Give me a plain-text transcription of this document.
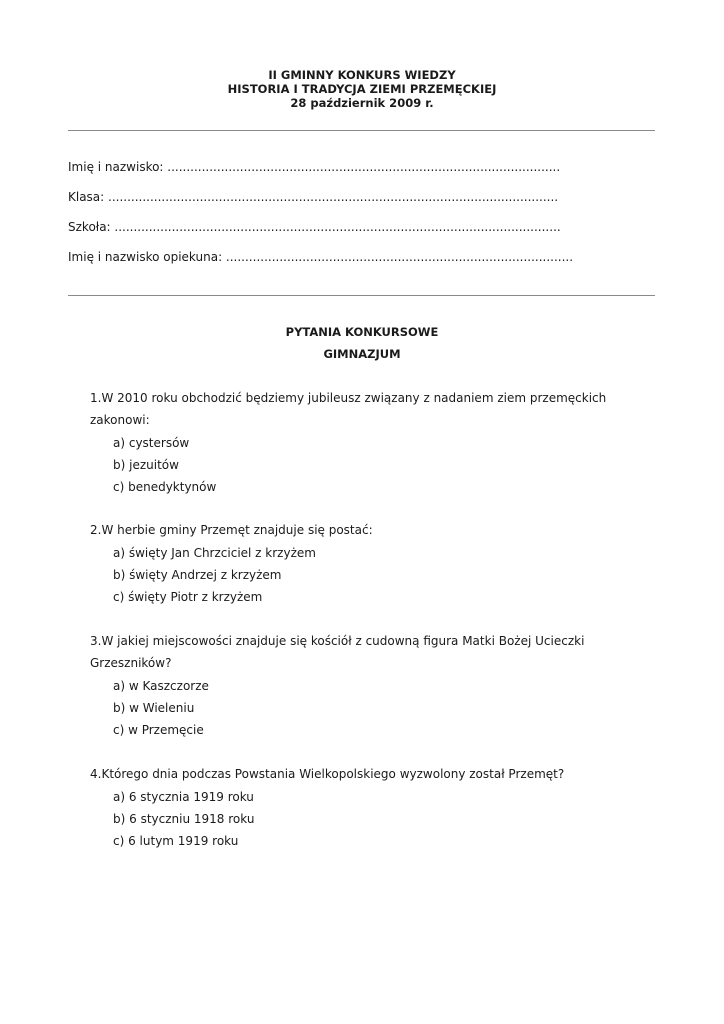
II GMINNY KONKURS WIEDZY
HISTORIA I TRADYCJA ZIEMI PRZEMĘCKIEJ
28 październik 2009 r.
Imię i nazwisko: .......................................................................................................
Klasa: ......................................................................................................................
Szkoła: .....................................................................................................................
Imię i nazwisko opiekuna: ...........................................................................................
PYTANIA KONKURSOWE
GIMNAZJUM
1.W 2010 roku obchodzić będziemy jubileusz związany z nadaniem ziem przemęckich zakonowi:
a) cystersów
b) jezuitów
c) benedyktynów
2.W herbie gminy Przemęt znajduje się postać:
a) święty Jan Chrzciciel z krzyżem
b) święty Andrzej z krzyżem
c) święty Piotr z krzyżem
3.W jakiej miejscowości znajduje się kościół z cudowną figura Matki Bożej Ucieczki Grzeszników?
a) w Kaszczorze
b) w Wieleniu
c) w Przemęcie
4.Którego dnia podczas Powstania Wielkopolskiego wyzwolony został Przemęt?
a) 6 stycznia 1919 roku
b) 6 styczniu 1918 roku
c) 6 lutym 1919 roku
